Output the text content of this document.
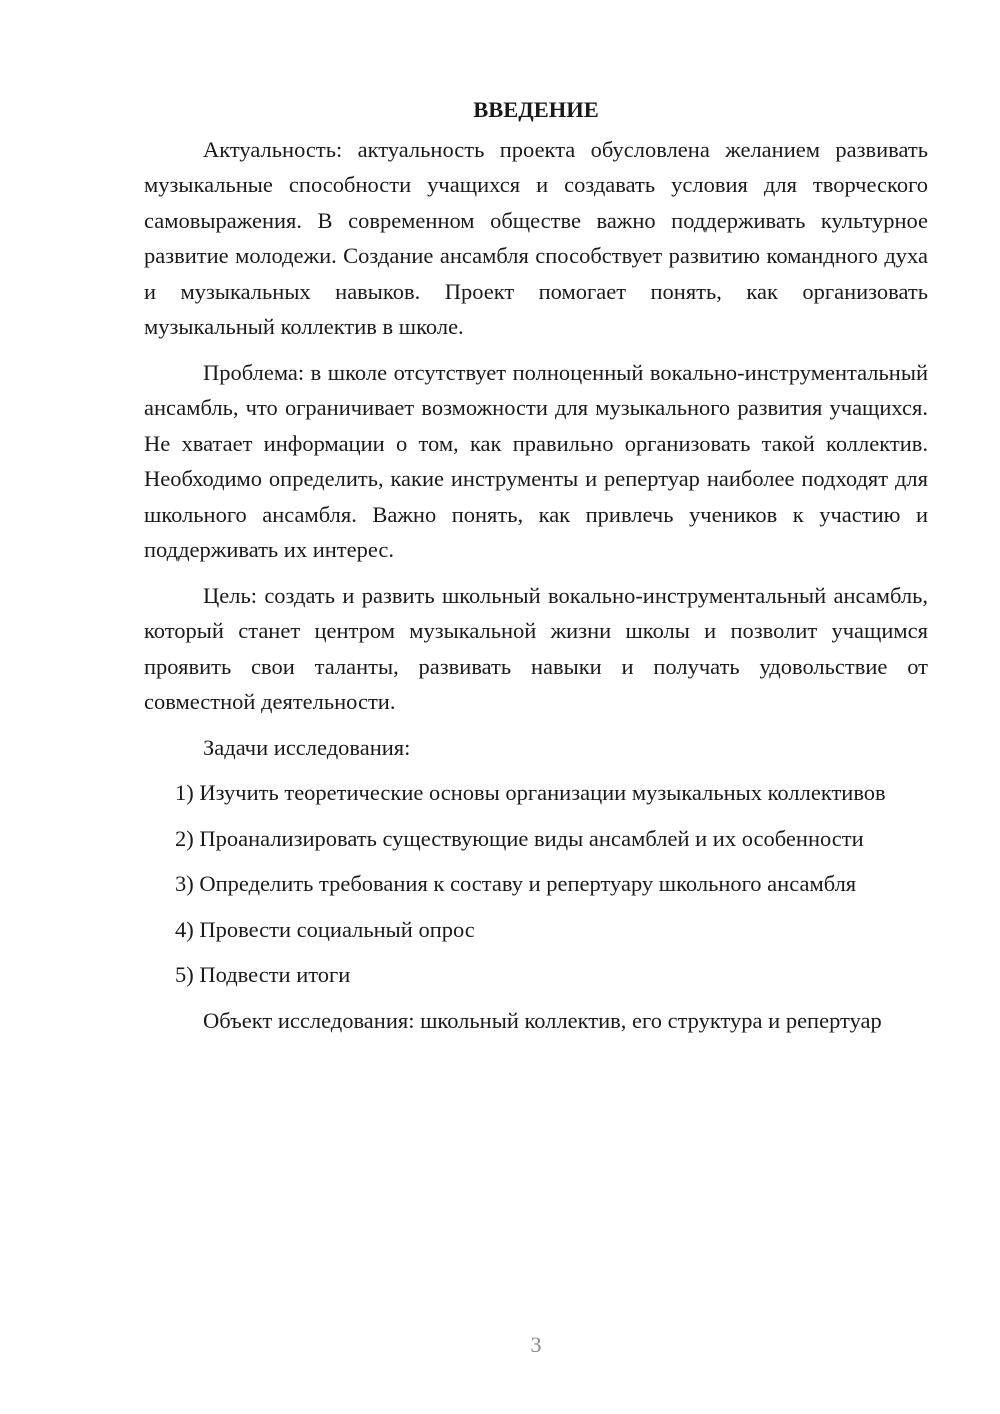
ВВЕДЕНИЕ

Актуальность: актуальность проекта обусловлена желанием развивать музыкальные способности учащихся и создавать условия для творческого самовыражения. В современном обществе важно поддерживать культурное развитие молодежи. Создание ансамбля способствует развитию командного духа и музыкальных навыков. Проект помогает понять, как организовать музыкальный коллектив в школе.

Проблема: в школе отсутствует полноценный вокально-инструментальный ансамбль, что ограничивает возможности для музыкального развития учащихся. Не хватает информации о том, как правильно организовать такой коллектив. Необходимо определить, какие инструменты и репертуар наиболее подходят для школьного ансамбля. Важно понять, как привлечь учеников к участию и поддерживать их интерес.

Цель: создать и развить школьный вокально-инструментальный ансамбль, который станет центром музыкальной жизни школы и позволит учащимся проявить свои таланты, развивать навыки и получать удовольствие от совместной деятельности.

Задачи исследования:

1) Изучить теоретические основы организации музыкальных коллективов

2) Проанализировать существующие виды ансамблей и их особенности

3) Определить требования к составу и репертуару школьного ансамбля

4) Провести социальный опрос

5) Подвести итоги

Объект исследования: школьный коллектив, его структура и репертуар

3
